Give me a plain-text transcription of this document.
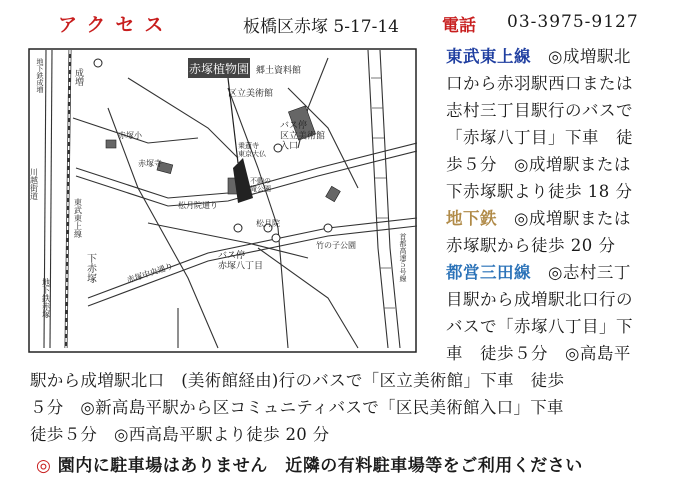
アクセス	板橋区赤塚 5-17-14	電話 03-3975-9127
赤塚植物園 郷土資料館
区立美術館
バス停区立美術館入口
赤塚小
赤塚寺
乗蓮寺東京大仏
不動の滝公園
松月院通り
松月院
竹の子公園
バス停赤塚八丁目
赤塚中央通り
東武東上線
川越街道
下赤塚
地下鉄赤塚
成増
地下鉄成増
首都高速５号線
東武東上線　◎成増駅北
口から赤羽駅西口または
志村三丁目駅行のバスで
「赤塚八丁目」下車　徒
歩５分　◎成増駅または
下赤塚駅より徒歩 18 分
地下鉄　◎成増駅または
赤塚駅から徒歩 20 分
都営三田線　◎志村三丁
目駅から成増駅北口行の
バスで「赤塚八丁目」下
車　徒歩５分　◎高島平
駅から成増駅北口　(美術館経由)行のバスで「区立美術館」下車　徒歩
５分　◎新高島平駅から区コミュニティバスで「区民美術館入口」下車
徒歩５分　◎西高島平駅より徒歩 20 分
◎ 園内に駐車場はありません　近隣の有料駐車場等をご利用ください
